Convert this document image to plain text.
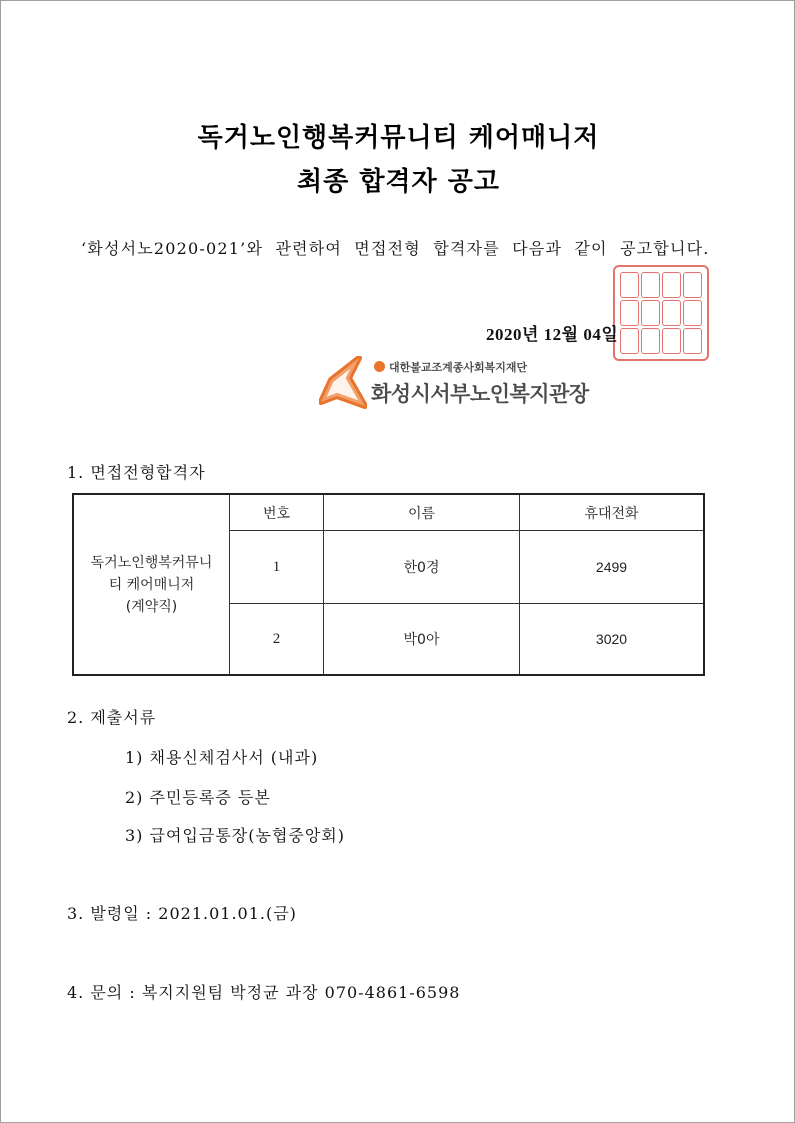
독거노인행복커뮤니티 케어매니저
최종 합격자 공고
‘화성서노2020-021’와 관련하여 면접전형 합격자를 다음과 같이 공고합니다.
2020년 12월 04일
대한불교조계종사회복지재단
화성시서부노인복지관장
1. 면접전형합격자
독거노인행복커뮤니
티 케어매니저
(계약직)	번호	이름	휴대전화
	1	한0경	2499
	2	박0아	3020
2. 제출서류
1) 채용신체검사서 (내과)
2) 주민등록증 등본
3) 급여입금통장(농협중앙회)
3. 발령일 : 2021.01.01.(금)
4. 문의 : 복지지원팀 박정균 과장 070-4861-6598
